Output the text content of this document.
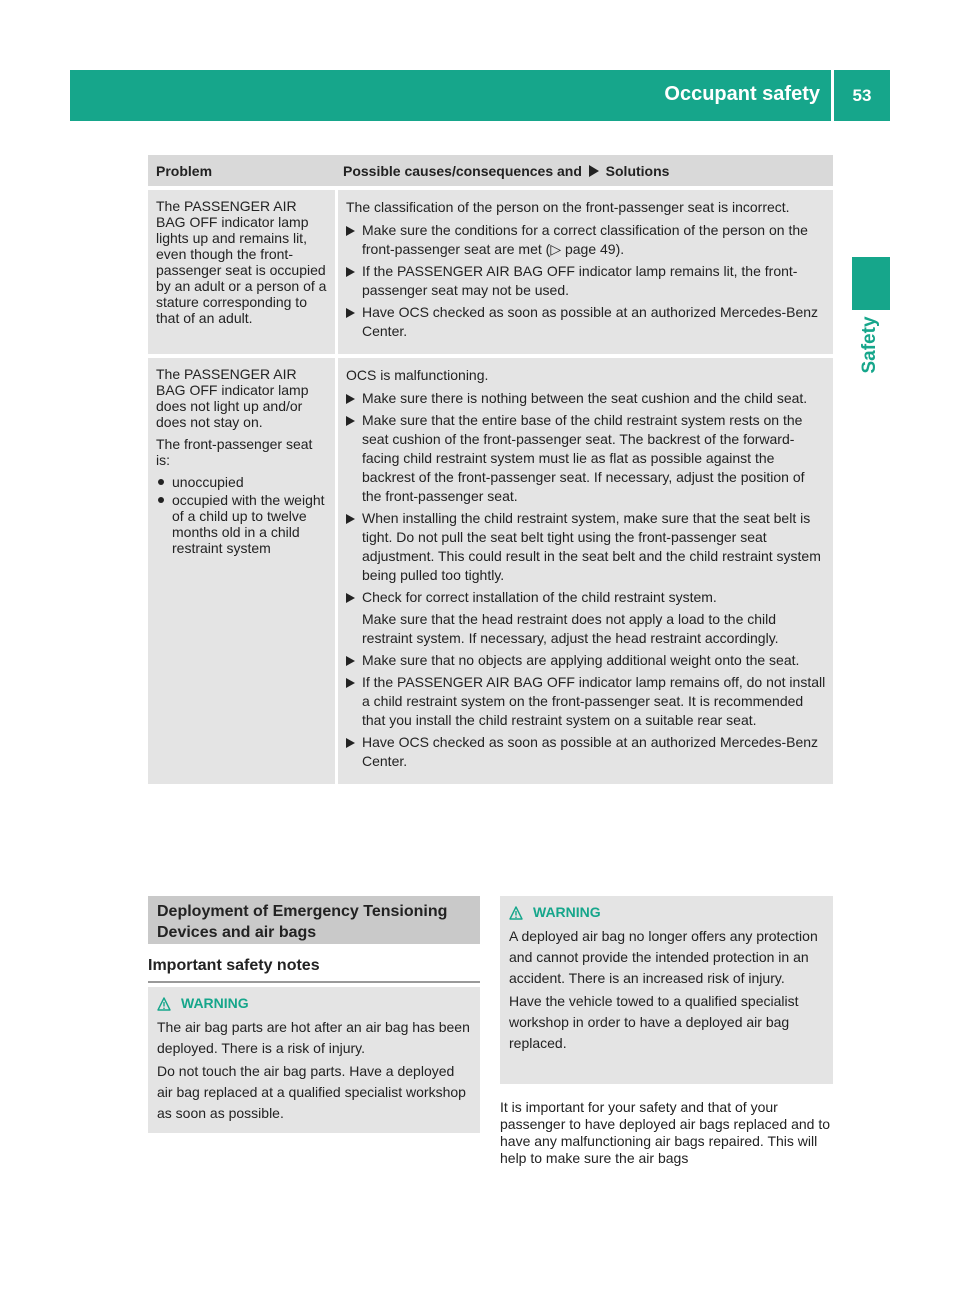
Occupant safety	53
Safety
Problem	Possible causes/consequences and Solutions
The PASSENGER AIR BAG OFF indicator lamp lights up and remains lit, even though the front-passenger seat is occupied by an adult or a person of a stature corresponding to that of an adult.

The classification of the person on the front-passenger seat is incorrect.

Make sure the conditions for a correct classification of the person on the front-passenger seat are met (▷ page 49).
If the PASSENGER AIR BAG OFF indicator lamp remains lit, the front-passenger seat may not be used.
Have OCS checked as soon as possible at an authorized Mercedes-Benz Center.

The PASSENGER AIR BAG OFF indicator lamp does not light up and/or does not stay on.

The front-passenger seat is:

unoccupied
occupied with the weight of a child up to twelve months old in a child restraint system

OCS is malfunctioning.

Make sure there is nothing between the seat cushion and the child seat.
Make sure that the entire base of the child restraint system rests on the seat cushion of the front-passenger seat. The backrest of the forward-facing child restraint system must lie as flat as possible against the backrest of the front-passenger seat. If necessary, adjust the position of the front-passenger seat.
When installing the child restraint system, make sure that the seat belt is tight. Do not pull the seat belt tight using the front-passenger seat adjustment. This could result in the seat belt and the child restraint system being pulled too tightly.
Check for correct installation of the child restraint system.
Make sure that the head restraint does not apply a load to the child restraint system. If necessary, adjust the head restraint accordingly.
Make sure that no objects are applying additional weight onto the seat.
If the PASSENGER AIR BAG OFF indicator lamp remains off, do not install a child restraint system on the front-passenger seat. It is recommended that you install the child restraint system on a suitable rear seat.
Have OCS checked as soon as possible at an authorized Mercedes-Benz Center.
Deployment of Emergency Tensioning Devices and air bags
Important safety notes
WARNING

The air bag parts are hot after an air bag has been deployed. There is a risk of injury.

Do not touch the air bag parts. Have a deployed air bag replaced at a qualified specialist workshop as soon as possible.

WARNING

A deployed air bag no longer offers any protection and cannot provide the intended protection in an accident. There is an increased risk of injury.

Have the vehicle towed to a qualified specialist workshop in order to have a deployed air bag replaced.

It is important for your safety and that of your passenger to have deployed air bags replaced and to have any malfunctioning air bags repaired. This will help to make sure the air bags
